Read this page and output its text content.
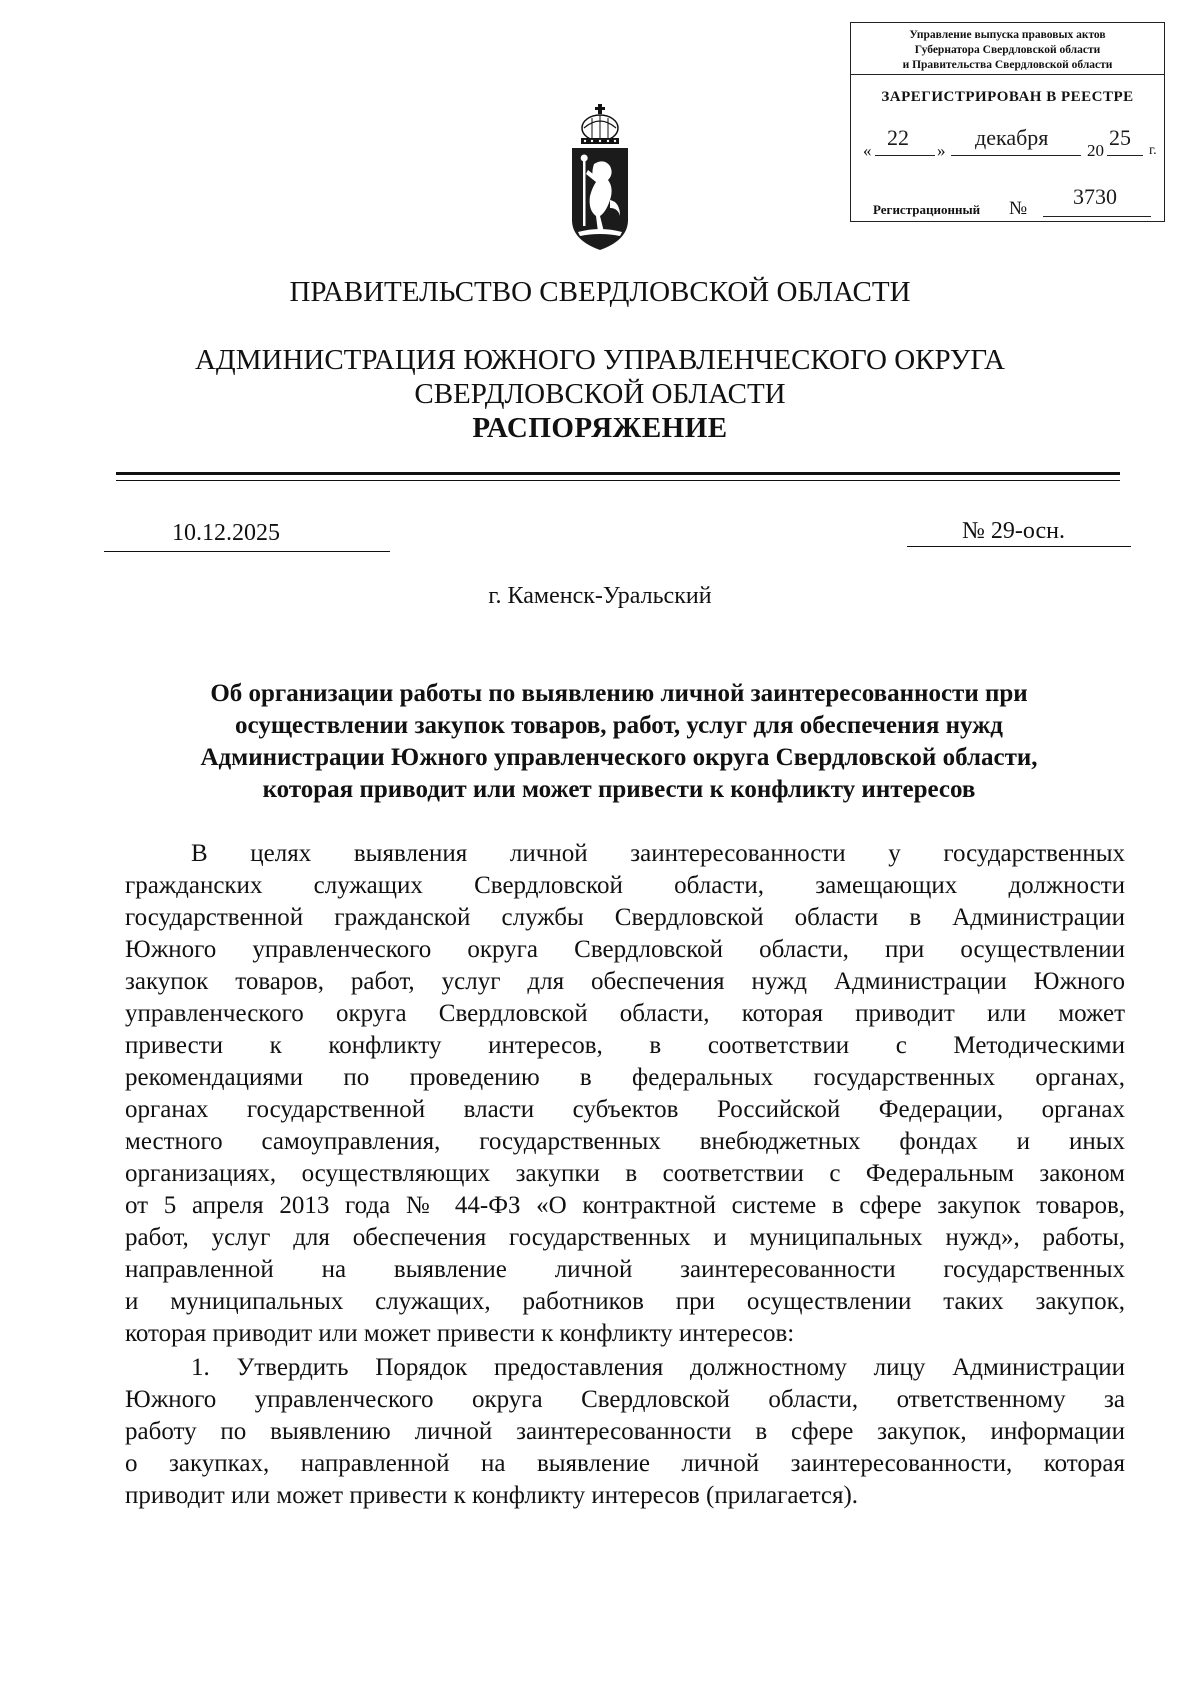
Управление выпуска правовых актов
Губернатора Свердловской области
и Правительства Свердловской области
ЗАРЕГИСТРИРОВАН В РЕЕСТРЕ
«
22
»
декабря
20
25
г.
Регистрационный № 3730
ПРАВИТЕЛЬСТВО СВЕРДЛОВСКОЙ ОБЛАСТИ
АДМИНИСТРАЦИЯ ЮЖНОГО УПРАВЛЕНЧЕСКОГО ОКРУГА
СВЕРДЛОВСКОЙ ОБЛАСТИ
РАСПОРЯЖЕНИЕ
10.12.2025	№ 29-осн.
г. Каменск-Уральский
Об организации работы по выявлению личной заинтересованности при
осуществлении закупок товаров, работ, услуг для обеспечения нужд
Администрации Южного управленческого округа Свердловской области,
которая приводит или может привести к конфликту интересов
В целях выявления личной заинтересованности у государственных
гражданских служащих Свердловской области, замещающих должности
государственной гражданской службы Свердловской области в Администрации
Южного управленческого округа Свердловской области, при осуществлении
закупок товаров, работ, услуг для обеспечения нужд Администрации Южного
управленческого округа Свердловской области, которая приводит или может
привести к конфликту интересов, в соответствии с Методическими
рекомендациями по проведению в федеральных государственных органах,
органах государственной власти субъектов Российской Федерации, органах
местного самоуправления, государственных внебюджетных фондах и иных
организациях, осуществляющих закупки в соответствии с Федеральным законом
от 5 апреля 2013 года № 44-ФЗ «О контрактной системе в сфере закупок товаров,
работ, услуг для обеспечения государственных и муниципальных нужд», работы,
направленной на выявление личной заинтересованности государственных
и муниципальных служащих, работников при осуществлении таких закупок,
которая приводит или может привести к конфликту интересов:
1. Утвердить Порядок предоставления должностному лицу Администрации
Южного управленческого округа Свердловской области, ответственному за
работу по выявлению личной заинтересованности в сфере закупок, информации
о закупках, направленной на выявление личной заинтересованности, которая
приводит или может привести к конфликту интересов (прилагается).
